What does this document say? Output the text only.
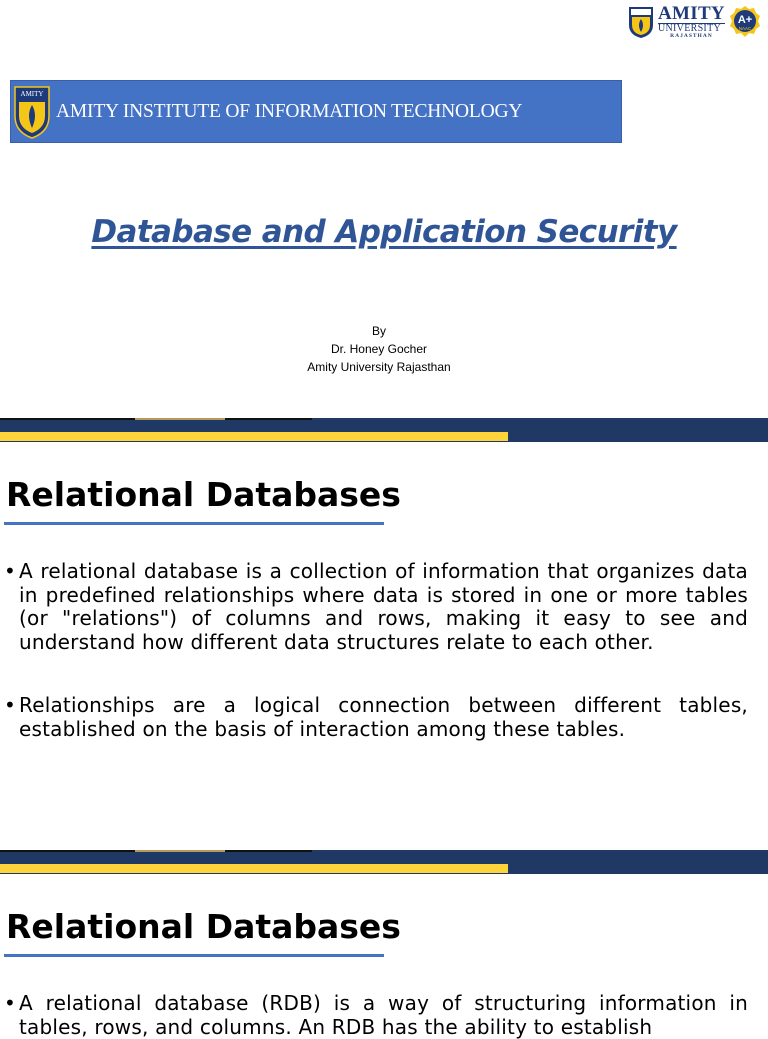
AMITY
UNIVERSITY
RAJASTHAN
A+
NAAC
AMITY
AMITY INSTITUTE OF INFORMATION TECHNOLOGY
Database and Application Security
By
Dr. Honey Gocher
Amity University Rajasthan
Relational Databases
• A relational database is a collection of information that organizes data in predefined relationships where data is stored in one or more tables (or "relations") of columns and rows, making it easy to see and understand how different data structures relate to each other.
• Relationships are a logical connection between different tables, established on the basis of interaction among these tables.
Relational Databases
• A relational database (RDB) is a way of structuring information in tables, rows, and columns. An RDB has the ability to establish
